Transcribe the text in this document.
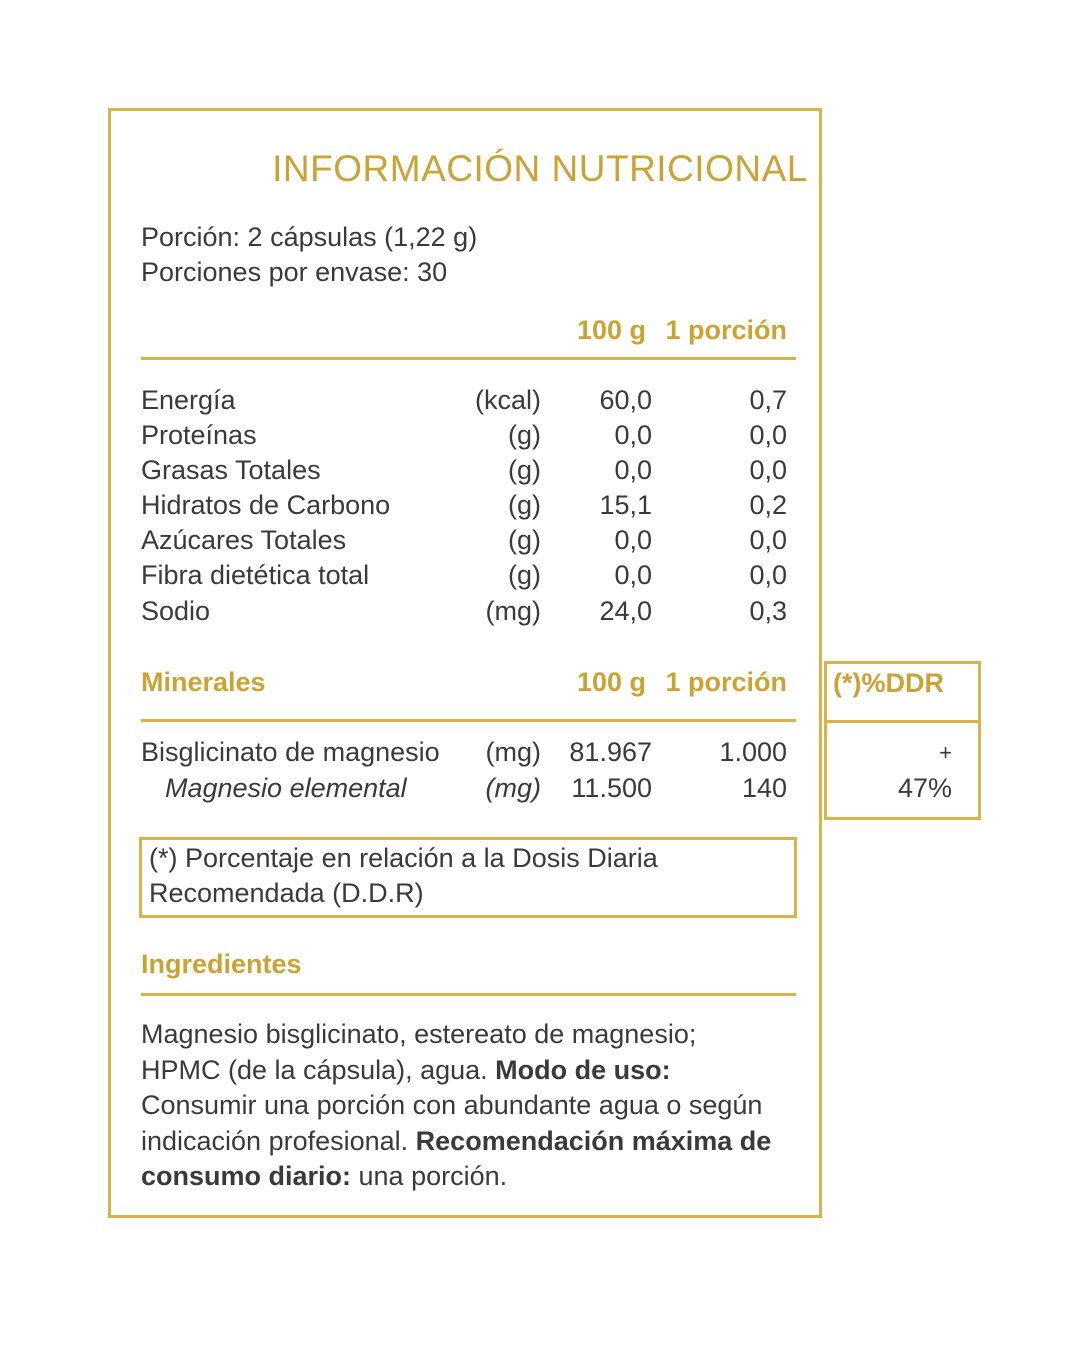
INFORMACIÓN NUTRICIONAL
Porción: 2 cápsulas (1,22 g)
Porciones por envase: 30
100 g 1 porción
Energía	(kcal) 60,0	0,7
Proteínas	(g)	0,0	0,0
Grasas Totales	(g)	0,0	0,0
Hidratos de Carbono	(g) 15,1	0,2
Azúcares Totales	(g)	0,0	0,0
Fibra dietética total	(g)	0,0	0,0
Sodio	(mg) 24,0	0,3
Minerales	100 g 1 porción (*)%DDR
Bisglicinato de magnesio (mg) 81.967 1.000	+
Magnesio elemental	(mg) 11.500	140	47%
(*) Porcentaje en relación a la Dosis Diaria
Recomendada (D.D.R)
Ingredientes
Magnesio bisglicinato, estereato de magnesio; HPMC (de la cápsula), agua. Modo de uso: Consumir una porción con abundante agua o según indicación profesional. Recomendación máxima de consumo diario: una porción.
